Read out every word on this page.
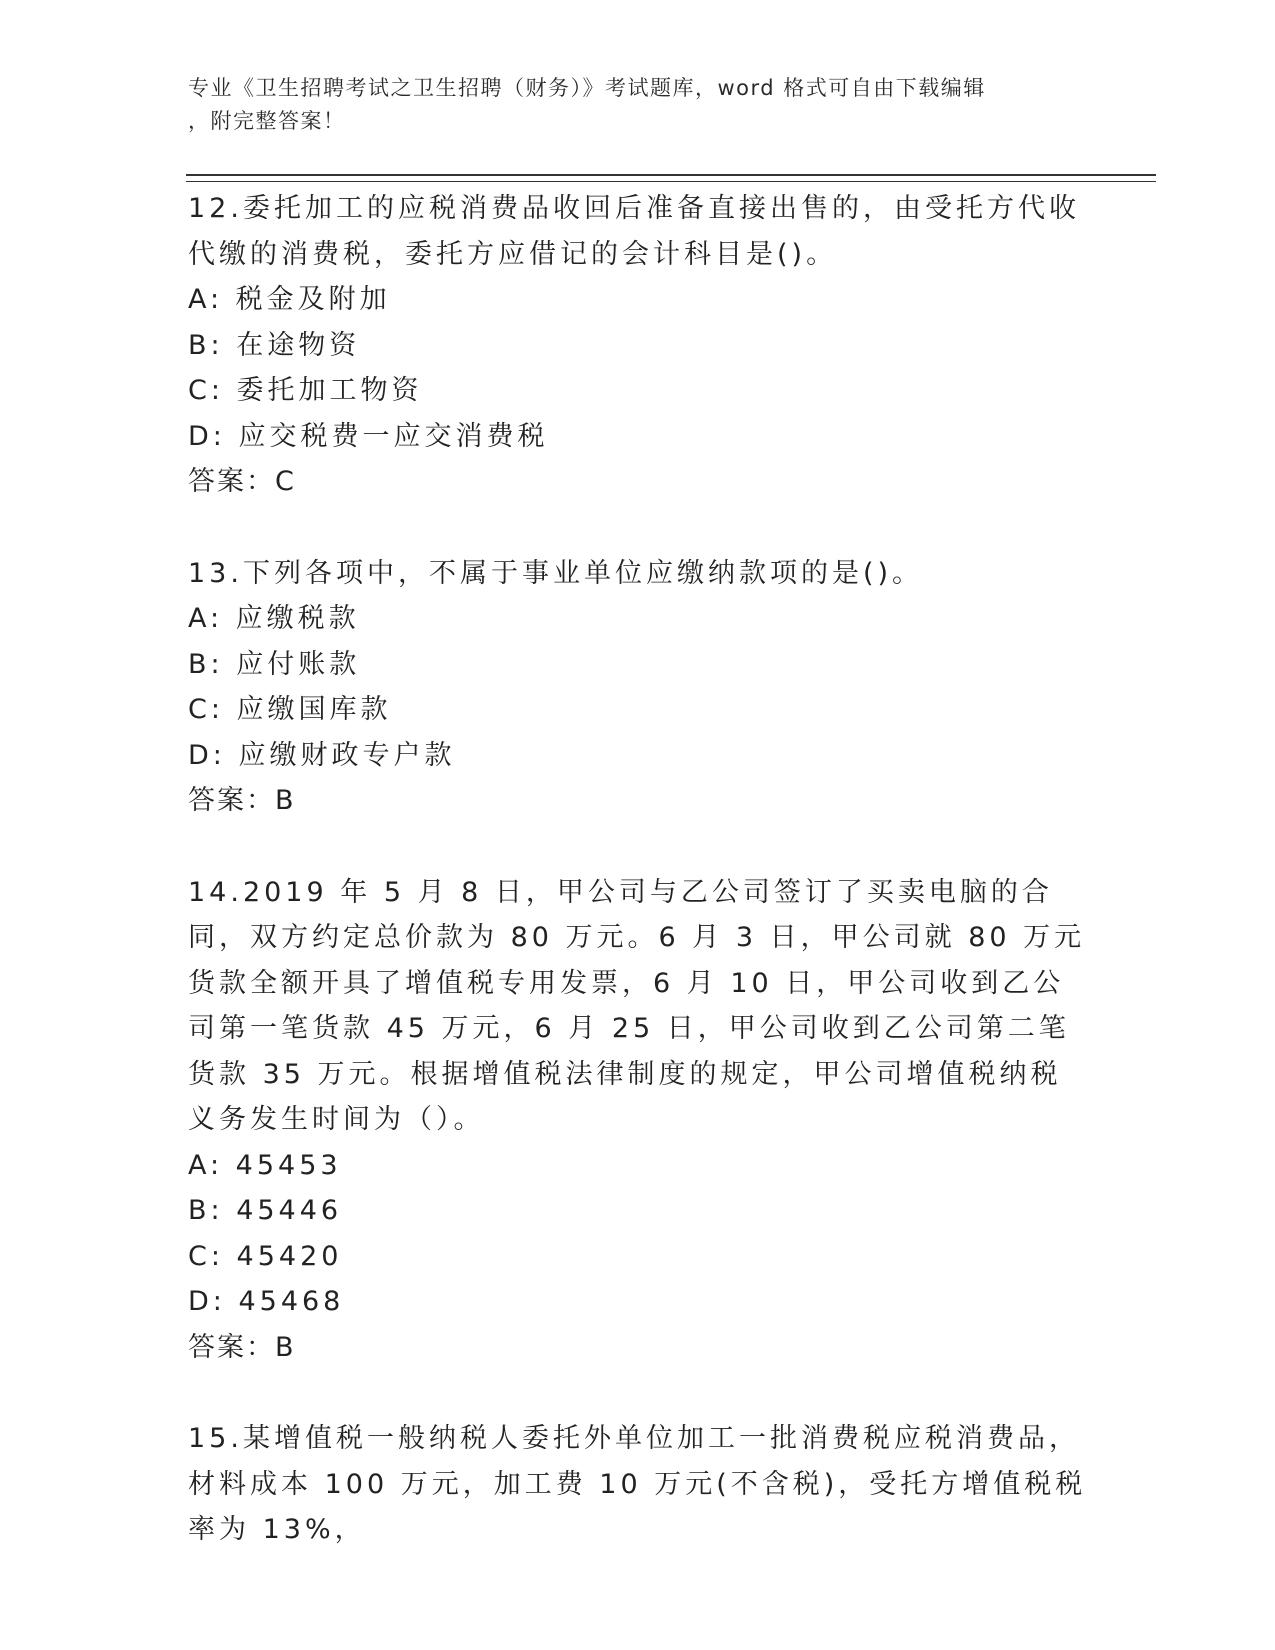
专业《卫生招聘考试之卫生招聘（财务）》考试题库，word 格式可自由下载编辑
，附完整答案！
12.委托加工的应税消费品收回后准备直接出售的，由受托方代收代缴的消费税，委托方应借记的会计科目是()。
A: 税金及附加
B: 在途物资
C: 委托加工物资
D: 应交税费一应交消费税
答案：C
13.下列各项中，不属于事业单位应缴纳款项的是()。
A: 应缴税款
B: 应付账款
C: 应缴国库款
D: 应缴财政专户款
答案：B
14.2019 年 5 月 8 日，甲公司与乙公司签订了买卖电脑的合同，双方约定总价款为 80 万元。6 月 3 日，甲公司就 80 万元货款全额开具了增值税专用发票，6 月 10 日，甲公司收到乙公司第一笔货款 45 万元，6 月 25 日，甲公司收到乙公司第二笔货款 35 万元。根据增值税法律制度的规定，甲公司增值税纳税义务发生时间为（）。
A: 45453
B: 45446
C: 45420
D: 45468
答案：B
15.某增值税一般纳税人委托外单位加工一批消费税应税消费品，材料成本 100 万元，加工费 10 万元(不含税)，受托方增值税税率为 13%，
